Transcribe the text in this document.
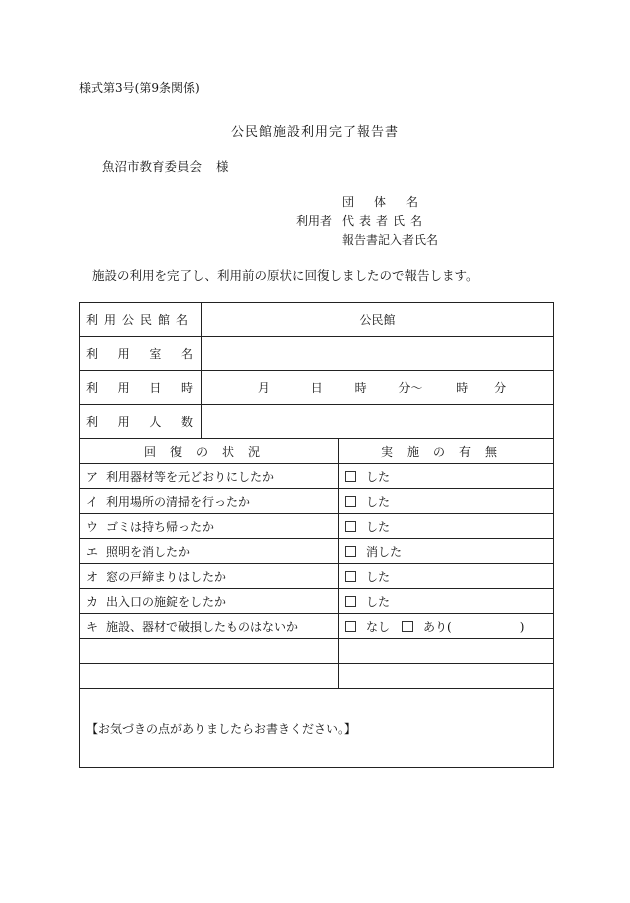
様式第3号(第9条関係)
公民館施設利用完了報告書
魚沼市教育委員会 様
団体名
利用者 代表者氏名
報告書記入者氏名
施設の利用を完了し、利用前の原状に回復しましたので報告します。
利用公民館名	公民館	

利 用 室 名		

利 用 日 時	月 日 時 分～ 時 分	

利 用 人 数		

回復の状況		実施の有無
ア 利用器材等を元どおりにしたか		した
イ 利用場所の清掃を行ったか		した
ウ ゴミは持ち帰ったか		した
エ 照明を消したか		消した
オ 窓の戸締まりはしたか		した
カ 出入口の施錠をしたか		した
キ 施設、器材で破損したものはないか		なし あり( )

【お気づきの点がありましたらお書きください。】		
